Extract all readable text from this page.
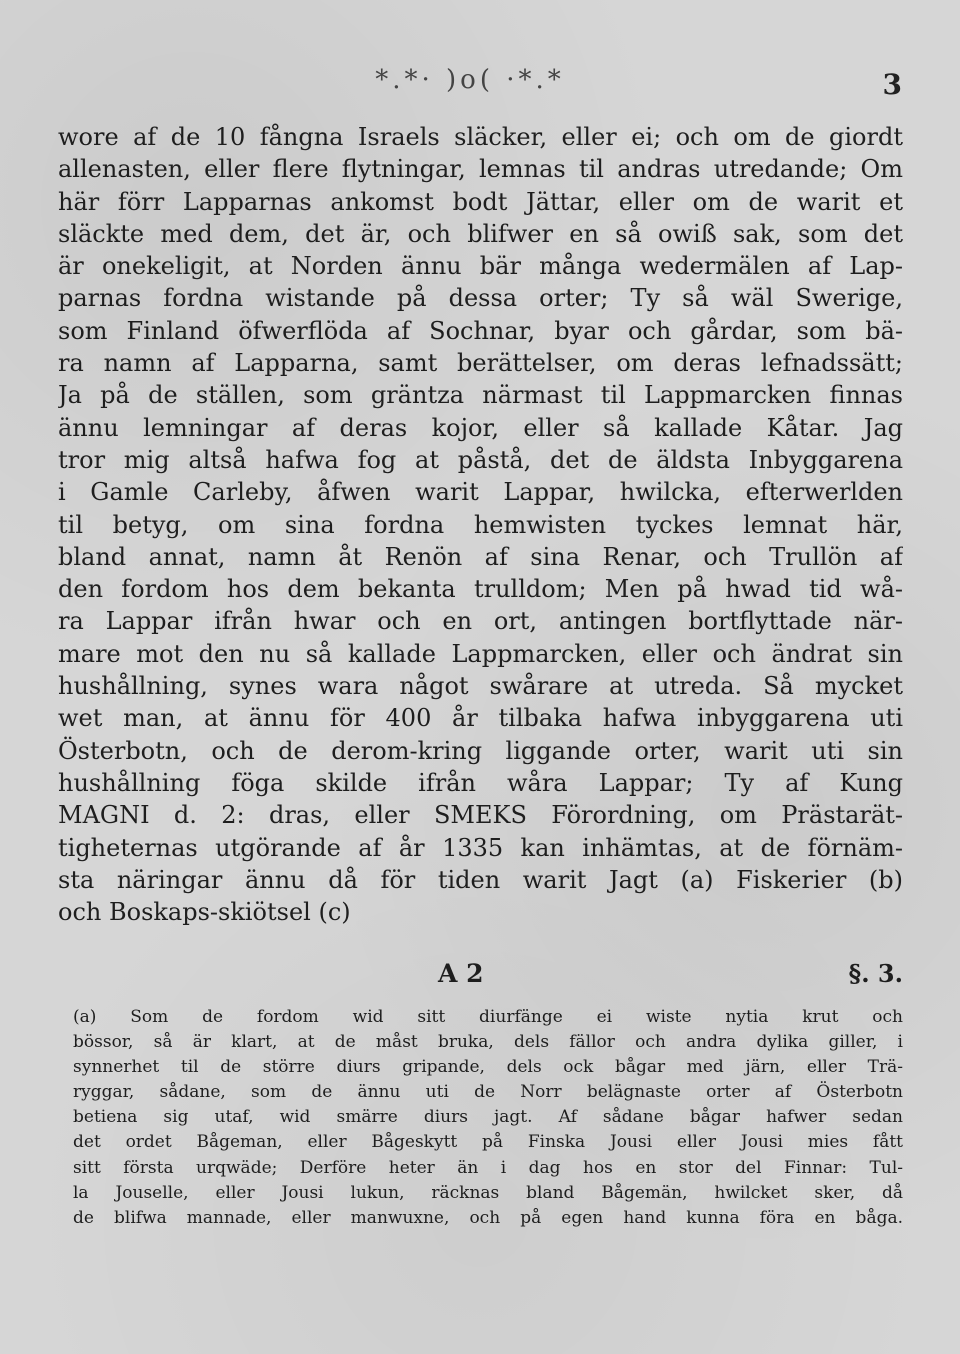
*.*· )o( ·*.*	3
wore af de 10 fångna Israels släcker, eller ei; och om de giordt
allenasten, eller flere flytningar, lemnas til andras utredande; Om
här förr Lapparnas ankomst bodt Jättar, eller om de warit et
släckte med dem, det är, och blifwer en så owiß sak, som det
är onekeligit, at Norden ännu bär många wedermälen af Lap-
parnas fordna wistande på dessa orter; Ty så wäl Swerige,
som Finland öfwerflöda af Sochnar, byar och gårdar, som bä-
ra namn af Lapparna, samt berättelser, om deras lefnadssätt;
Ja på de ställen, som gräntza närmast til Lappmarcken finnas
ännu lemningar af deras kojor, eller så kallade Kåtar. Jag
tror mig altså hafwa fog at påstå, det de äldsta Inbyggarena
i Gamle Carleby, åfwen warit Lappar, hwilcka, efterwerlden
til betyg, om sina fordna hemwisten tyckes lemnat här,
bland annat, namn åt Renön af sina Renar, och Trullön af
den fordom hos dem bekanta trulldom; Men på hwad tid wå-
ra Lappar ifrån hwar och en ort, antingen bortflyttade när-
mare mot den nu så kallade Lappmarcken, eller och ändrat sin
hushållning, synes wara något swårare at utreda. Så mycket
wet man, at ännu för 400 år tilbaka hafwa inbyggarena uti
Österbotn, och de derom-kring liggande orter, warit uti sin
hushållning föga skilde ifrån wåra Lappar; Ty af Kung
MAGNI d. 2: dras, eller SMEKS Förordning, om Prästarät-
tigheternas utgörande af år 1335 kan inhämtas, at de förnäm-
sta näringar ännu då för tiden warit Jagt (a) Fiskerier (b)
och Boskaps-skiötsel (c)
A 2	§. 3.
(a) Som de fordom wid sitt diurfänge ei wiste nytia krut och
bössor, så är klart, at de måst bruka, dels fällor och andra dylika giller, i
synnerhet til de större diurs gripande, dels ock bågar med järn, eller Trä-
ryggar, sådane, som de ännu uti de Norr belägnaste orter af Österbotn
betiena sig utaf, wid smärre diurs jagt. Af sådane bågar hafwer sedan
det ordet Bågeman, eller Bågeskytt på Finska Jousi eller Jousi mies fått
sitt första urqwäde; Derföre heter än i dag hos en stor del Finnar: Tul-
la Jouselle, eller Jousi lukun, räcknas bland Bågemän, hwilcket sker, då
de blifwa mannade, eller manwuxne, och på egen hand kunna föra en båga.
